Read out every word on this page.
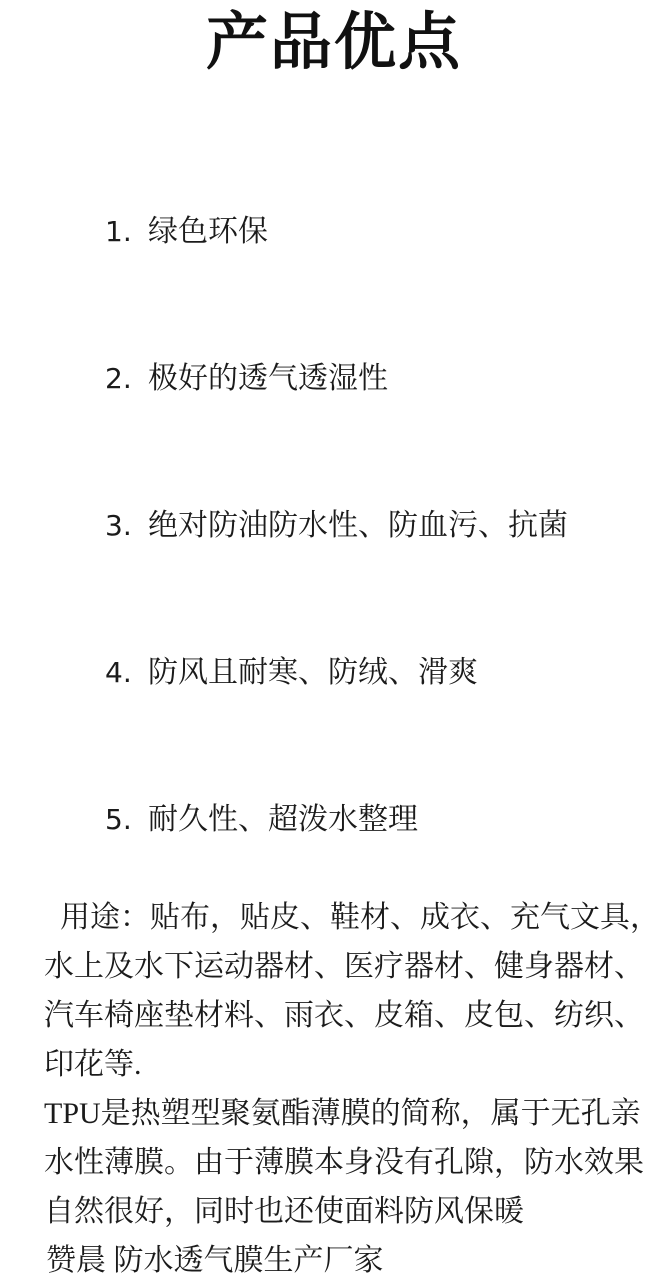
产品优点

1. 绿色环保

2. 极好的透气透湿性

3. 绝对防油防水性、防血污、抗菌

4. 防风且耐寒、防绒、滑爽

5. 耐久性、超泼水整理

用途：贴布，贴皮、鞋材、成衣、充气文具，
水上及水下运动器材、医疗器材、健身器材、
汽车椅座垫材料、雨衣、皮箱、皮包、纺织、
印花等.
TPU是热塑型聚氨酯薄膜的简称，属于无孔亲
水性薄膜。由于薄膜本身没有孔隙，防水效果
自然很好，同时也还使面料防风保暖
赞晨 防水透气膜生产厂家
